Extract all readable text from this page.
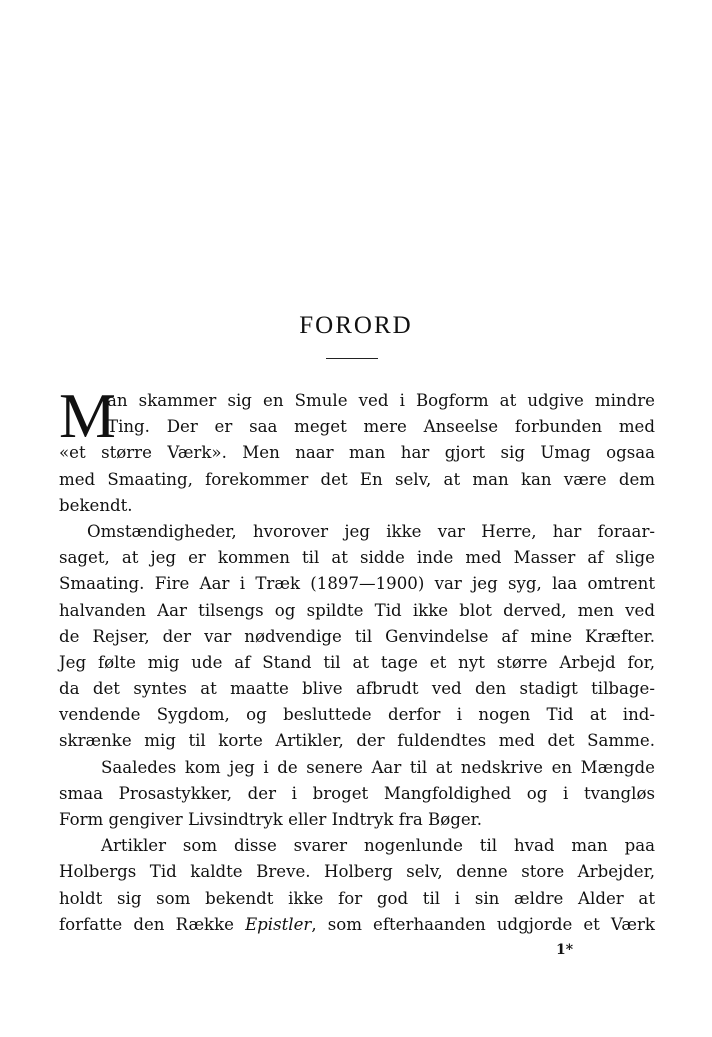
FORORD
M
an skammer sig en Smule ved i Bogform at udgive mindre
Ting. Der er saa meget mere Anseelse forbunden med
«et større Værk». Men naar man har gjort sig Umag ogsaa
med Smaating, forekommer det En selv, at man kan være dem
bekendt.
Omstændigheder, hvorover jeg ikke var Herre, har foraar-
saget, at jeg er kommen til at sidde inde med Masser af slige
Smaating. Fire Aar i Træk (1897—1900) var jeg syg, laa omtrent
halvanden Aar tilsengs og spildte Tid ikke blot derved, men ved
de Rejser, der var nødvendige til Genvindelse af mine Kræfter.
Jeg følte mig ude af Stand til at tage et nyt større Arbejd for,
da det syntes at maatte blive afbrudt ved den stadigt tilbage-
vendende Sygdom, og besluttede derfor i nogen Tid at ind-
skrænke mig til korte Artikler, der fuldendtes med det Samme.
Saaledes kom jeg i de senere Aar til at nedskrive en Mængde
smaa Prosastykker, der i broget Mangfoldighed og i tvangløs
Form gengiver Livsindtryk eller Indtryk fra Bøger.
Artikler som disse svarer nogenlunde til hvad man paa
Holbergs Tid kaldte Breve. Holberg selv, denne store Arbejder,
holdt sig som bekendt ikke for god til i sin ældre Alder at
forfatte den Række Epistler, som efterhaanden udgjorde et Værk
1*
